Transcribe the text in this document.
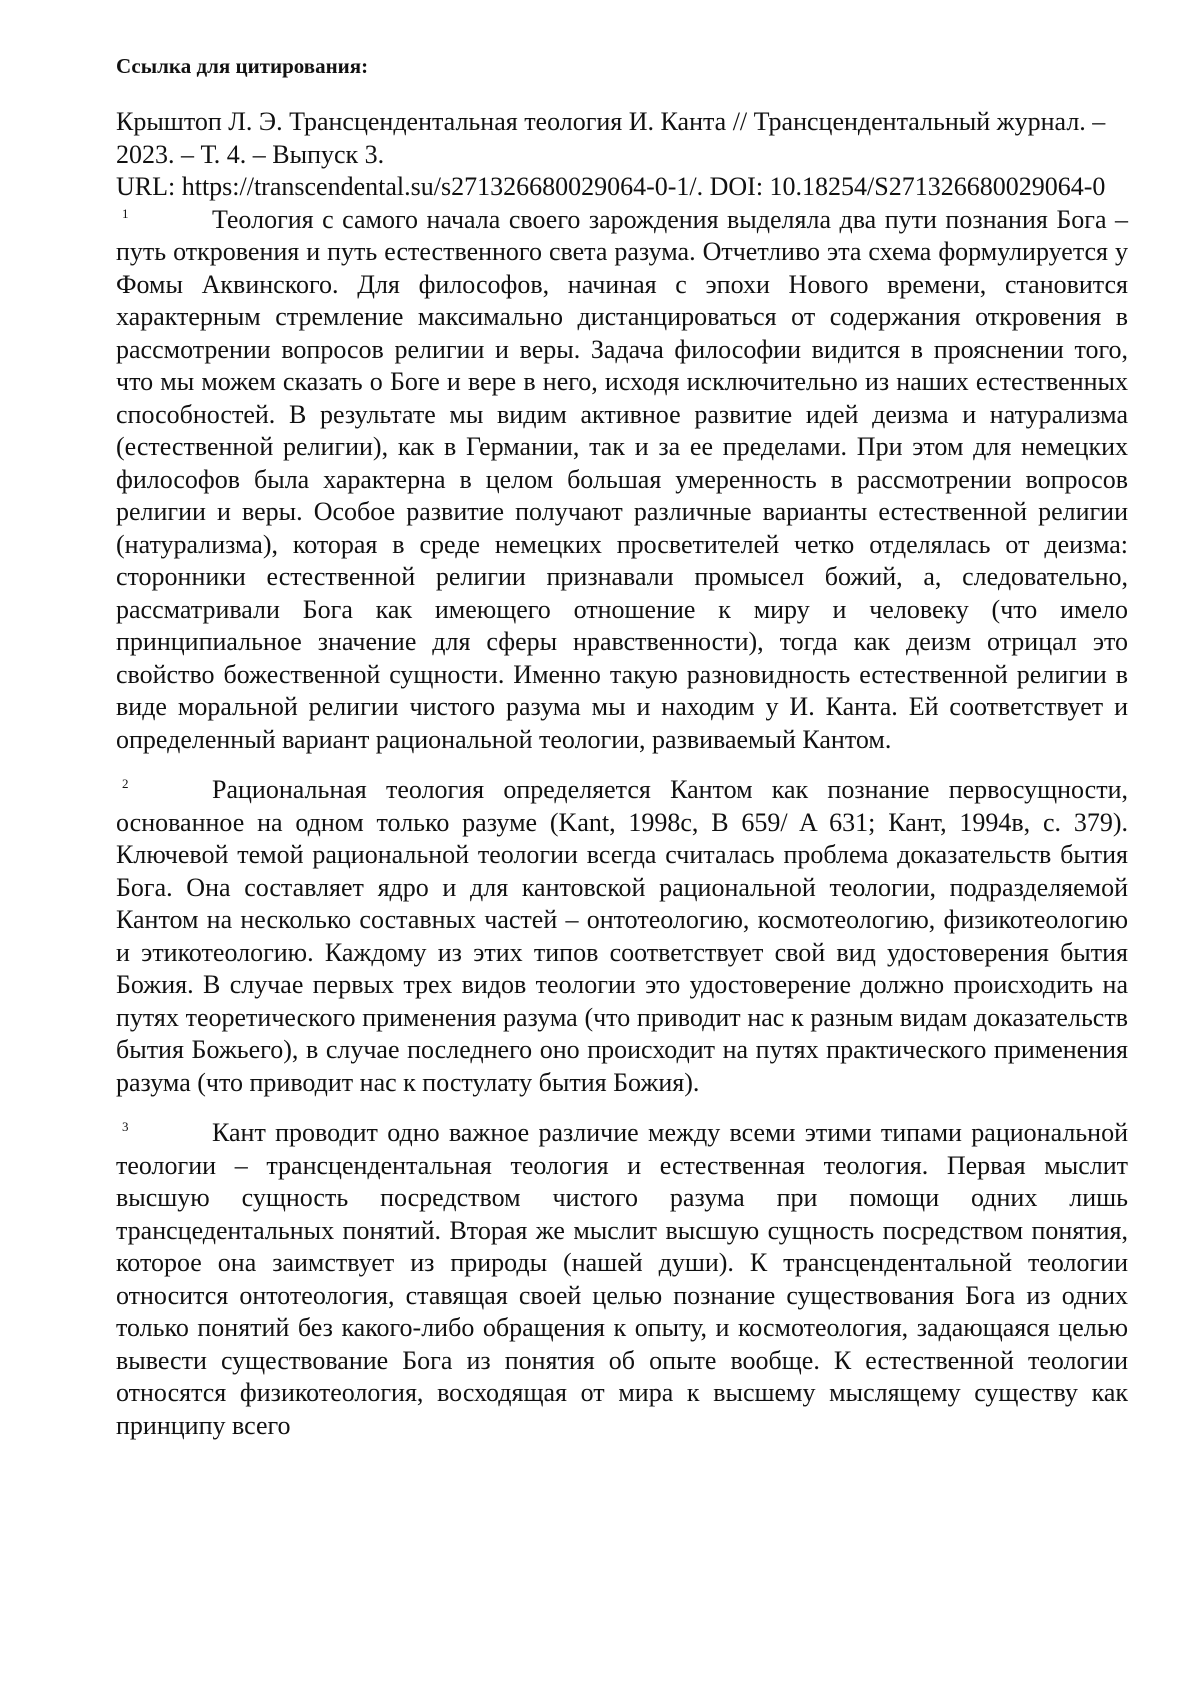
Ссылка для цитирования:

Крыштоп Л. Э. Трансцендентальная теология И. Канта // Трансцендентальный журнал. – 2023. – Т. 4. – Выпуск 3.
URL: https://transcendental.su/s271326680029064-0-1/. DOI: 10.18254/S271326680029064-0

1	Теология с самого начала своего зарождения выделяла два пути познания Бога – путь откровения и путь естественного света разума. Отчетливо эта схема формулируется у Фомы Аквинского. Для философов, начиная с эпохи Нового времени, становится характерным стремление максимально дистанцироваться от содержания откровения в рассмотрении вопросов религии и веры. Задача философии видится в прояснении того, что мы можем сказать о Боге и вере в него, исходя исключительно из наших естественных способностей. В результате мы видим активное развитие идей деизма и натурализма (естественной религии), как в Германии, так и за ее пределами. При этом для немецких философов была характерна в целом большая умеренность в рассмотрении вопросов религии и веры. Особое развитие получают различные варианты естественной религии (натурализма), которая в среде немецких просветителей четко отделялась от деизма: сторонники естественной религии признавали промысел божий, а, следовательно, рассматривали Бога как имеющего отношение к миру и человеку (что имело принципиальное значение для сферы нравственности), тогда как деизм отрицал это свойство божественной сущности. Именно такую разновидность естественной религии в виде моральной религии чистого разума мы и находим у И. Канта. Ей соответствует и определенный вариант рациональной теологии, развиваемый Кантом.

2	Рациональная теология определяется Кантом как познание первосущности, основанное на одном только разуме (Kant, 1998c, B 659/ A 631; Кант, 1994в, с. 379). Ключевой темой рациональной теологии всегда считалась проблема доказательств бытия Бога. Она составляет ядро и для кантовской рациональной теологии, подразделяемой Кантом на несколько составных частей – онтотеологию, космотеологию, физикотеологию и этикотеологию. Каждому из этих типов соответствует свой вид удостоверения бытия Божия. В случае первых трех видов теологии это удостоверение должно происходить на путях теоретического применения разума (что приводит нас к разным видам доказательств бытия Божьего), в случае последнего оно происходит на путях практического применения разума (что приводит нас к постулату бытия Божия).

3	Кант проводит одно важное различие между всеми этими типами рациональной теологии – трансцендентальная теология и естественная теология. Первая мыслит высшую сущность посредством чистого разума при помощи одних лишь трансцедентальных понятий. Вторая же мыслит высшую сущность посредством понятия, которое она заимствует из природы (нашей души). К трансцендентальной теологии относится онтотеология, ставящая своей целью познание существования Бога из одних только понятий без какого-либо обращения к опыту, и космотеология, задающаяся целью вывести существование Бога из понятия об опыте вообще. К естественной теологии относятся физикотеология, восходящая от мира к высшему мыслящему существу как принципу всего
